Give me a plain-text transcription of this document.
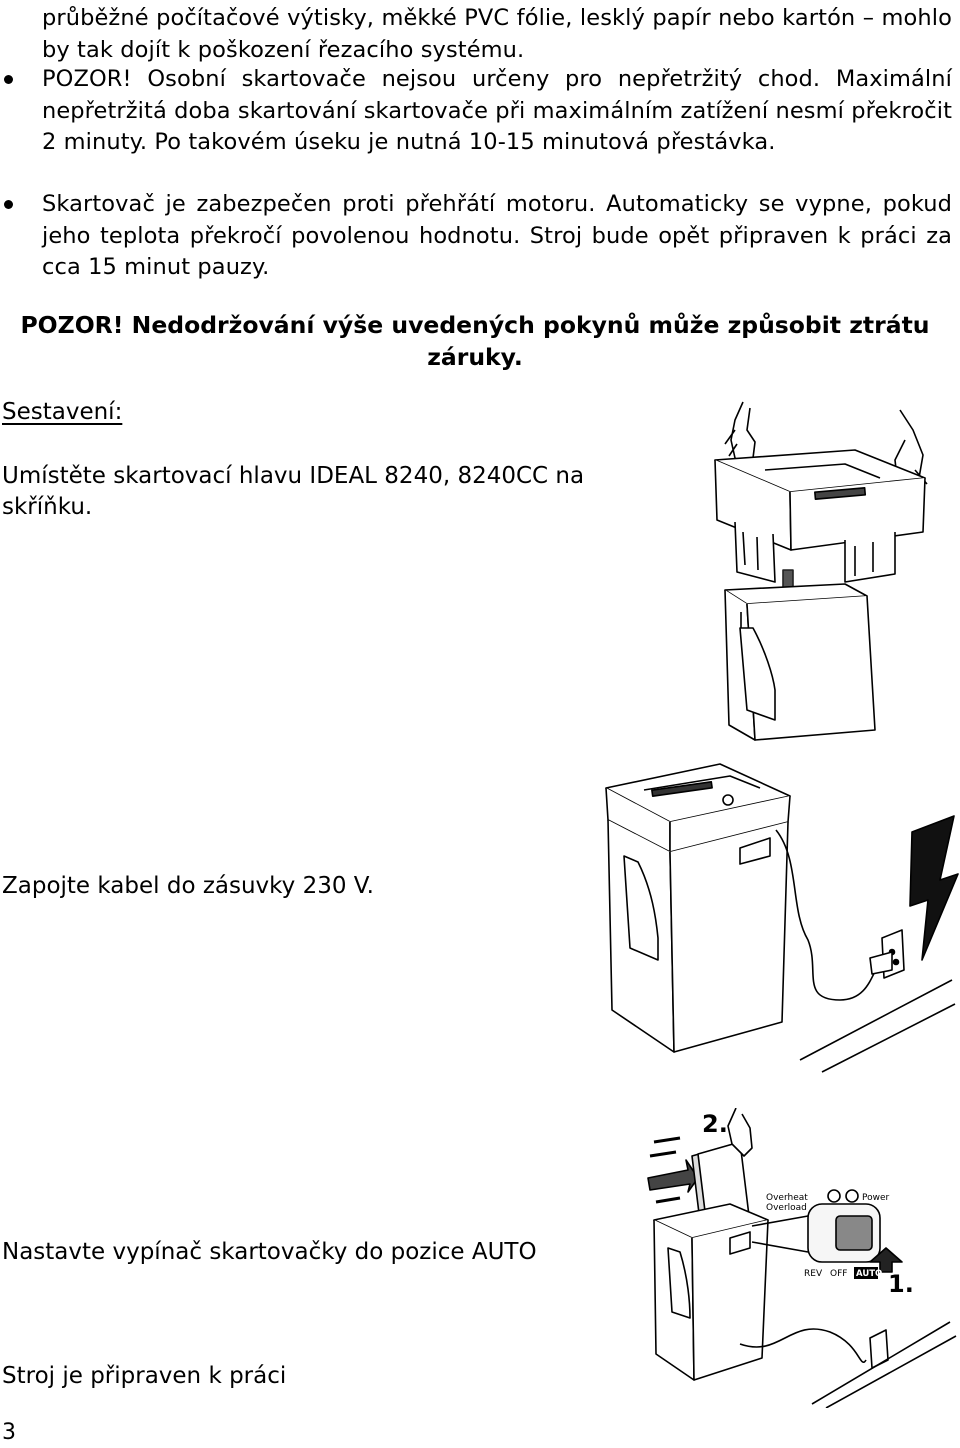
průběžné počítačové výtisky, měkké PVC fólie, lesklý papír nebo kartón – mohlo by tak dojít k poškození řezacího systému.
POZOR! Osobní skartovače nejsou určeny pro nepřetržitý chod. Maximální nepřetržitá doba skartování skartovače při maximálním zatížení nesmí překročit 2 minuty. Po takovém úseku je nutná 10-15 minutová přestávka.
Skartovač je zabezpečen proti přehřátí motoru. Automaticky se vypne, pokud jeho teplota překročí povolenou hodnotu. Stroj bude opět připraven k práci za cca 15 minut pauzy.
POZOR! Nedodržování výše uvedených pokynů může způsobit ztrátu záruky.
Sestavení:
Umístěte skartovací hlavu IDEAL 8240, 8240CC na skříňku.
Zapojte kabel do zásuvky 230 V.
Nastavte vypínač skartovačky do pozice AUTO
Stroj je připraven k práci
3
2.
1.
Overheat
Overload
Power
REV OFF AUTO
